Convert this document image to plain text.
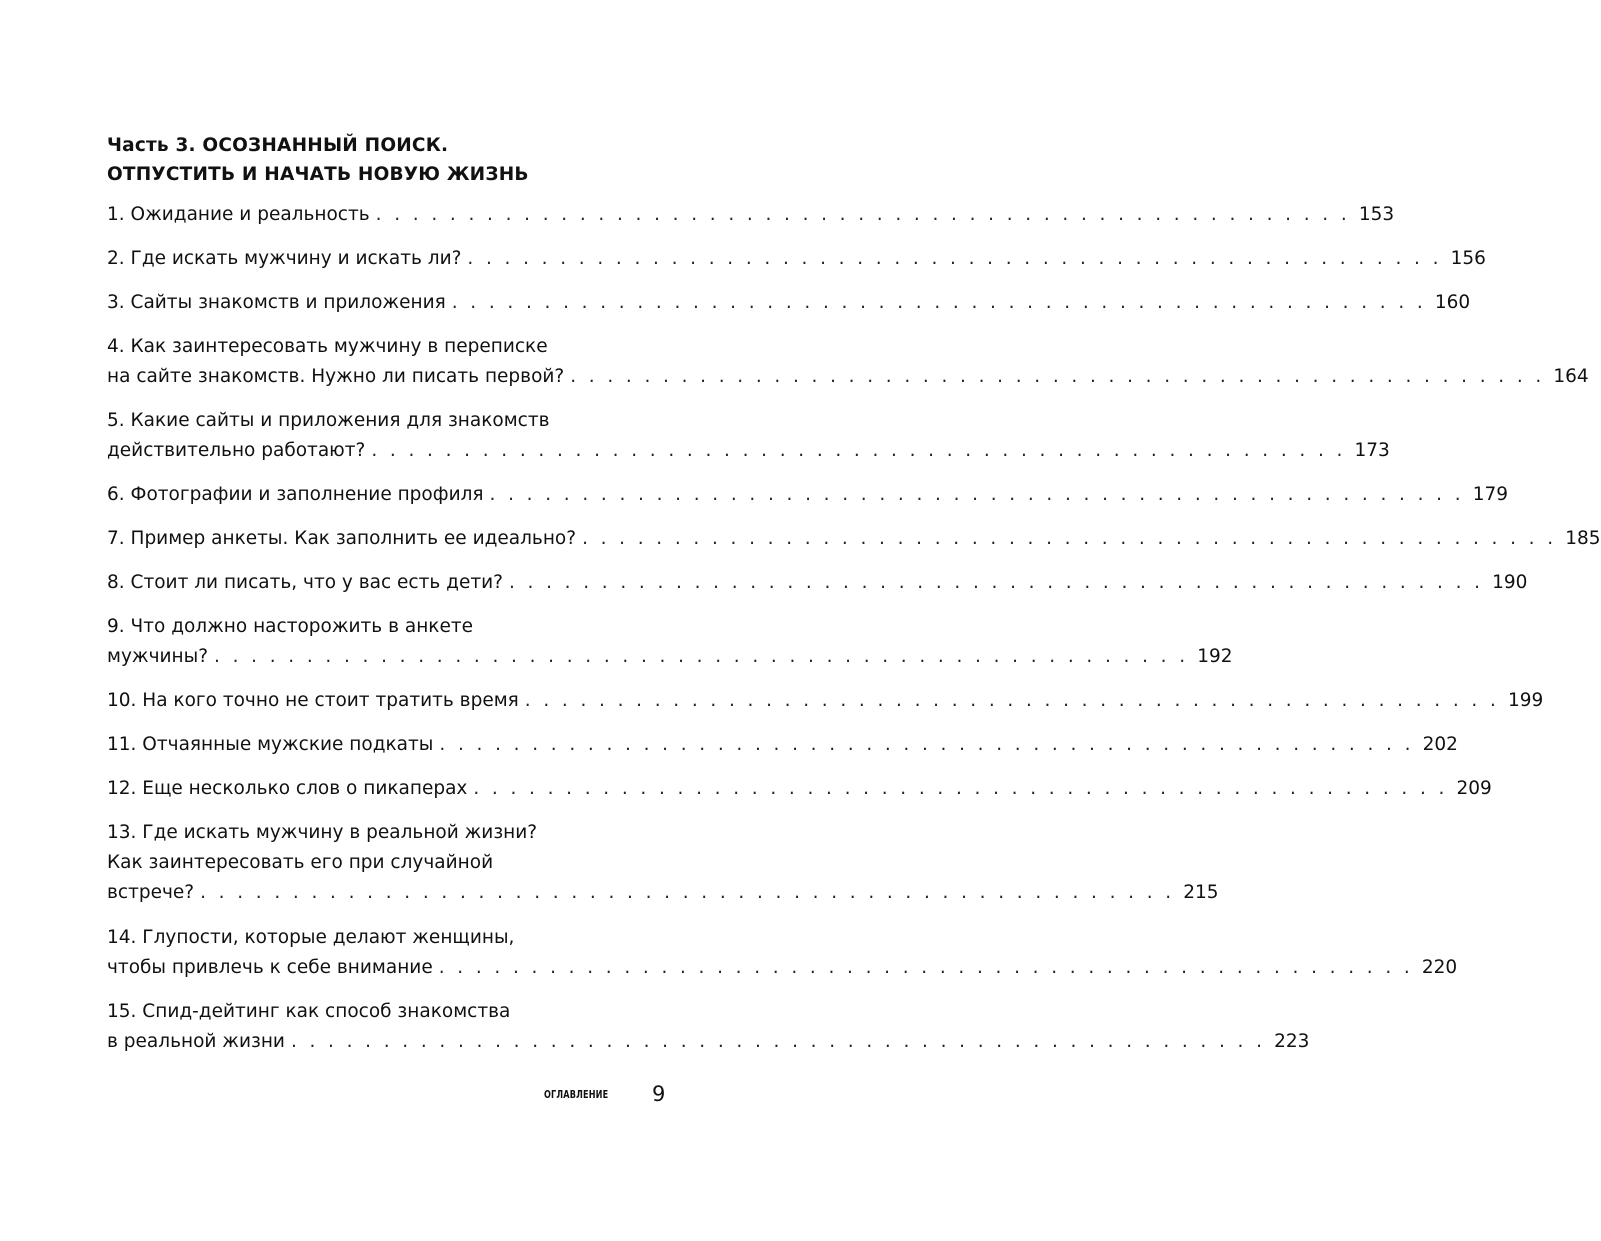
Часть 3. ОСОЗНАННЫЙ ПОИСК.
ОТПУСТИТЬ И НАЧАТЬ НОВУЮ ЖИЗНЬ
1. Ожидание и реальность . . . . . . . . . . . . . . . . . . . . . . . . . . . . . . . . . . . . . . . . . . . . . . . . . . . . . 153
2. Где искать мужчину и искать ли? . . . . . . . . . . . . . . . . . . . . . . . . . . . . . . . . . . . . . . . . . . . . . . . . . . . . . 156
3. Сайты знакомств и приложения . . . . . . . . . . . . . . . . . . . . . . . . . . . . . . . . . . . . . . . . . . . . . . . . . . . . . 160
4. Как заинтересовать мужчину в переписке
на сайте знакомств. Нужно ли писать первой? . . . . . . . . . . . . . . . . . . . . . . . . . . . . . . . . . . . . . . . . . . . . . . . . . . . . . 164
5. Какие сайты и приложения для знакомств
действительно работают? . . . . . . . . . . . . . . . . . . . . . . . . . . . . . . . . . . . . . . . . . . . . . . . . . . . . . 173
6. Фотографии и заполнение профиля . . . . . . . . . . . . . . . . . . . . . . . . . . . . . . . . . . . . . . . . . . . . . . . . . . . . . 179
7. Пример анкеты. Как заполнить ее идеально? . . . . . . . . . . . . . . . . . . . . . . . . . . . . . . . . . . . . . . . . . . . . . . . . . . . . . 185
8. Стоит ли писать, что у вас есть дети? . . . . . . . . . . . . . . . . . . . . . . . . . . . . . . . . . . . . . . . . . . . . . . . . . . . . . 190
9. Что должно насторожить в анкете
мужчины? . . . . . . . . . . . . . . . . . . . . . . . . . . . . . . . . . . . . . . . . . . . . . . . . . . . . . 192
10. На кого точно не стоит тратить время . . . . . . . . . . . . . . . . . . . . . . . . . . . . . . . . . . . . . . . . . . . . . . . . . . . . . 199
11. Отчаянные мужские подкаты . . . . . . . . . . . . . . . . . . . . . . . . . . . . . . . . . . . . . . . . . . . . . . . . . . . . . 202
12. Еще несколько слов о пикаперах . . . . . . . . . . . . . . . . . . . . . . . . . . . . . . . . . . . . . . . . . . . . . . . . . . . . . 209
13. Где искать мужчину в реальной жизни?
Как заинтересовать его при случайной
встрече? . . . . . . . . . . . . . . . . . . . . . . . . . . . . . . . . . . . . . . . . . . . . . . . . . . . . . 215
14. Глупости, которые делают женщины,
чтобы привлечь к себе внимание . . . . . . . . . . . . . . . . . . . . . . . . . . . . . . . . . . . . . . . . . . . . . . . . . . . . . 220
15. Спид-дейтинг как способ знакомства
в реальной жизни . . . . . . . . . . . . . . . . . . . . . . . . . . . . . . . . . . . . . . . . . . . . . . . . . . . . . 223
ОГЛАВЛЕНИЕ 9
